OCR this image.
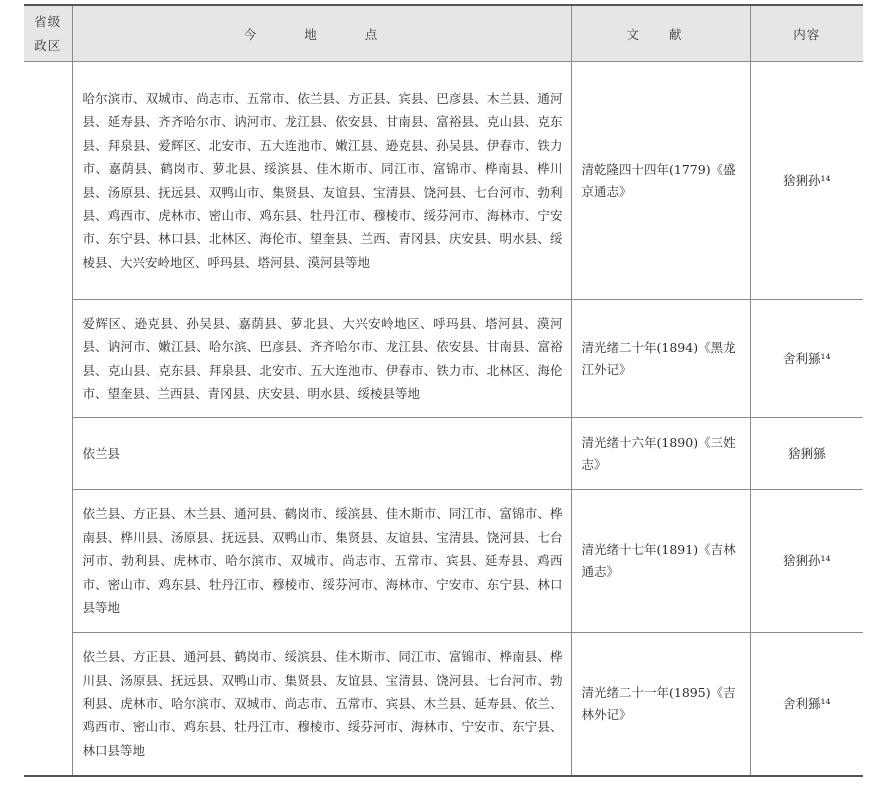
省级政区	今 地 点	文 献	内容
	哈尔滨市、双城市、尚志市、五常市、依兰县、方正县、宾县、巴彦县、木兰县、通河县、延寿县、齐齐哈尔市、讷河市、龙江县、依安县、甘南县、富裕县、克山县、克东县、拜泉县、爱辉区、北安市、五大连池市、嫩江县、逊克县、孙吴县、伊春市、铁力市、嘉荫县、鹤岗市、萝北县、绥滨县、佳木斯市、同江市、富锦市、桦南县、桦川县、汤原县、抚远县、双鸭山市、集贤县、友谊县、宝清县、饶河县、七台河市、勃利县、鸡西市、虎林市、密山市、鸡东县、牡丹江市、穆棱市、绥芬河市、海林市、宁安市、东宁县、林口县、北林区、海伦市、望奎县、兰西、青冈县、庆安县、明水县、绥棱县、大兴安岭地区、呼玛县、塔河县、漠河县等地	清乾隆四十四年(1779)《盛京通志》	猞猁孙¹⁴
	爱辉区、逊克县、孙吴县、嘉荫县、萝北县、大兴安岭地区、呼玛县、塔河县、漠河县、讷河市、嫩江县、哈尔滨、巴彦县、齐齐哈尔市、龙江县、依安县、甘南县、富裕县、克山县、克东县、拜泉县、北安市、五大连池市、伊春市、铁力市、北林区、海伦市、望奎县、兰西县、青冈县、庆安县、明水县、绥棱县等地	清光绪二十年(1894)《黑龙江外记》	舍利猻¹⁴
	依兰县	清光绪十六年(1890)《三姓志》	猞猁猻
	依兰县、方正县、木兰县、通河县、鹤岗市、绥滨县、佳木斯市、同江市、富锦市、桦南县、桦川县、汤原县、抚远县、双鸭山市、集贤县、友谊县、宝清县、饶河县、七台河市、勃利县、虎林市、哈尔滨市、双城市、尚志市、五常市、宾县、延寿县、鸡西市、密山市、鸡东县、牡丹江市、穆棱市、绥芬河市、海林市、宁安市、东宁县、林口县等地	清光绪十七年(1891)《吉林通志》	猞猁孙¹⁴
	依兰县、方正县、通河县、鹤岗市、绥滨县、佳木斯市、同江市、富锦市、桦南县、桦川县、汤原县、抚远县、双鸭山市、集贤县、友谊县、宝清县、饶河县、七台河市、勃利县、虎林市、哈尔滨市、双城市、尚志市、五常市、宾县、木兰县、延寿县、依兰、鸡西市、密山市、鸡东县、牡丹江市、穆棱市、绥芬河市、海林市、宁安市、东宁县、林口县等地	清光绪二十一年(1895)《吉林外记》	舍利猻¹⁴
